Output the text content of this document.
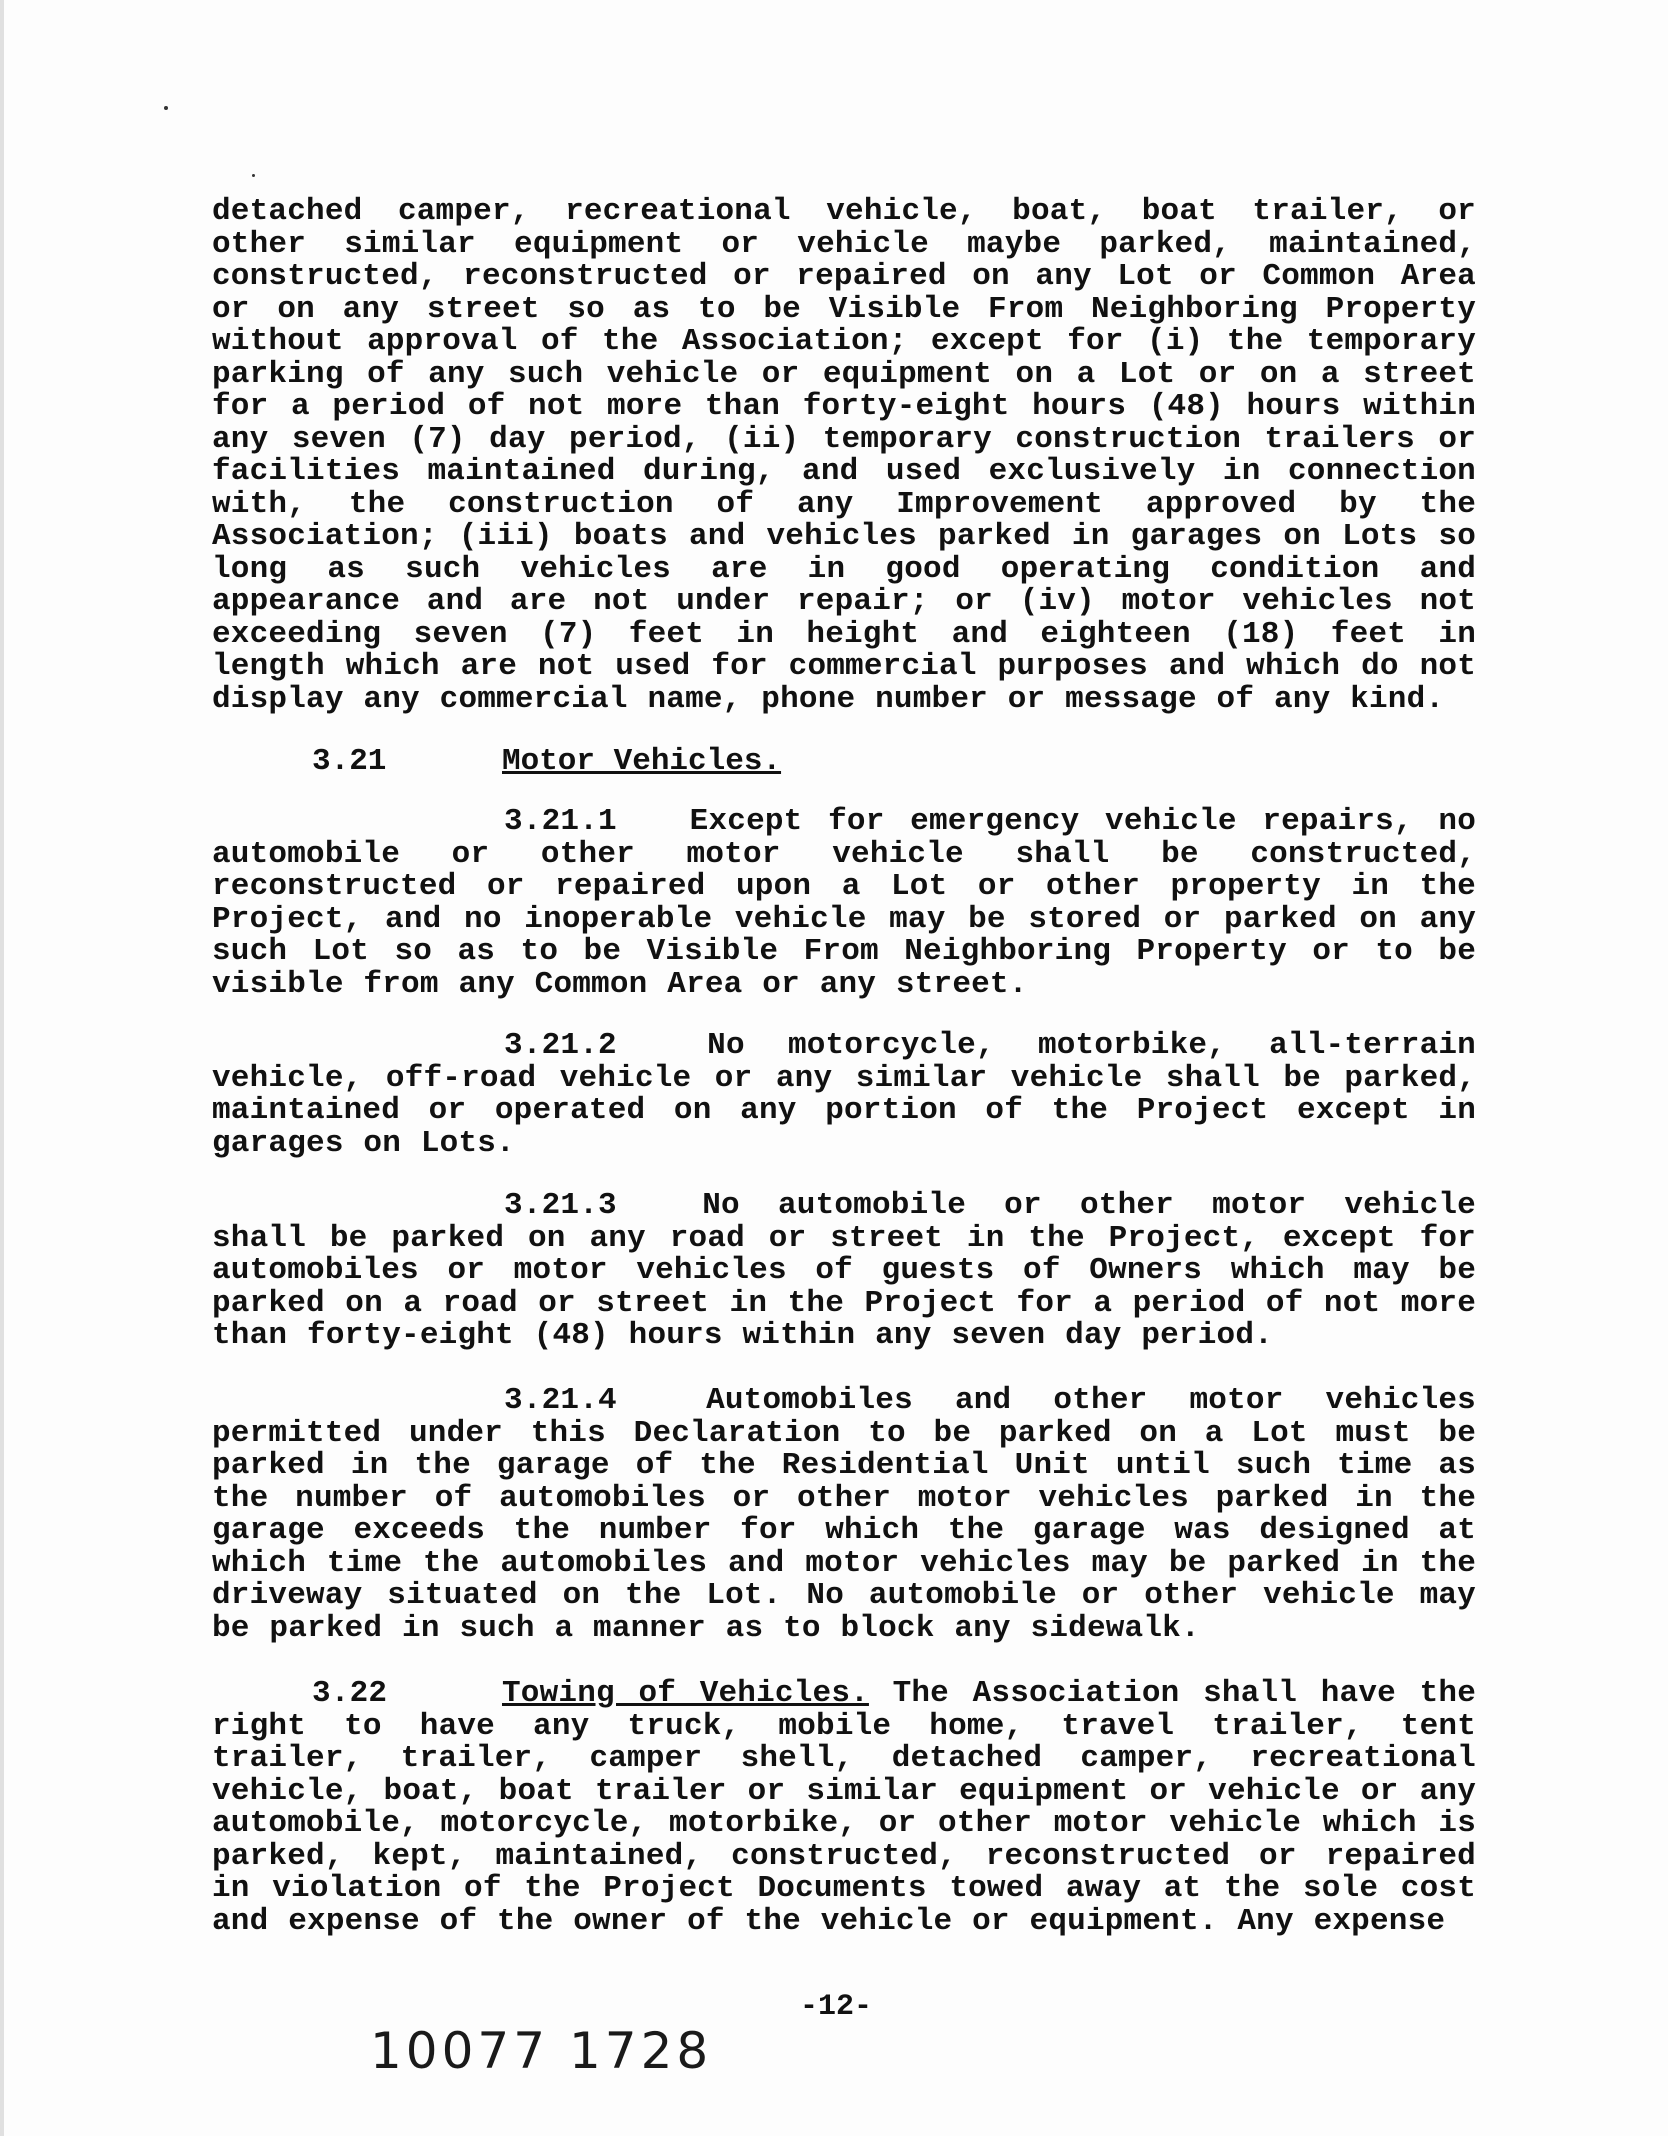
detached camper, recreational vehicle, boat, boat trailer, or other similar equipment or vehicle maybe parked, maintained, constructed, reconstructed or repaired on any Lot or Common Area or on any street so as to be Visible From Neighboring Property without approval of the Association; except for (i) the temporary parking of any such vehicle or equipment on a Lot or on a street for a period of not more than forty-eight hours (48) hours within any seven (7) day period, (ii) temporary construction trailers or facilities maintained during, and used exclusively in connection with, the construction of any Improvement approved by the Association; (iii) boats and vehicles parked in garages on Lots so long as such vehicles are in good operating condition and appearance and are not under repair; or (iv) motor vehicles not exceeding seven (7) feet in height and eighteen (18) feet in length which are not used for commercial purposes and which do not display any commercial name, phone number or message of any kind.

3.21	Motor Vehicles.

3.21.1 Except for emergency vehicle repairs, no automobile or other motor vehicle shall be constructed, reconstructed or repaired upon a Lot or other property in the Project, and no inoperable vehicle may be stored or parked on any such Lot so as to be Visible From Neighboring Property or to be visible from any Common Area or any street.

3.21.2	No motorcycle, motorbike, all-terrain vehicle, off-road vehicle or any similar vehicle shall be parked, maintained or operated on any portion of the Project except in garages on Lots.

3.21.3	No automobile or other motor vehicle shall be parked on any road or street in the Project, except for automobiles or motor vehicles of guests of Owners which may be parked on a road or street in the Project for a period of not more than forty-eight (48) hours within any seven day period.

3.21.4	Automobiles and other motor vehicles permitted under this Declaration to be parked on a Lot must be parked in the garage of the Residential Unit until such time as the number of automobiles or other motor vehicles parked in the garage exceeds the number for which the garage was designed at which time the automobiles and motor vehicles may be parked in the driveway situated on the Lot. No automobile or other vehicle may be parked in such a manner as to block any sidewalk.

3.22	Towing of Vehicles. The Association shall have the right to have any truck, mobile home, travel trailer, tent trailer, trailer, camper shell, detached camper, recreational vehicle, boat, boat trailer or similar equipment or vehicle or any automobile, motorcycle, motorbike, or other motor vehicle which is parked, kept, maintained, constructed, reconstructed or repaired in violation of the Project Documents towed away at the sole cost and expense of the owner of the vehicle or equipment. Any expense

-12-
10077 1728
